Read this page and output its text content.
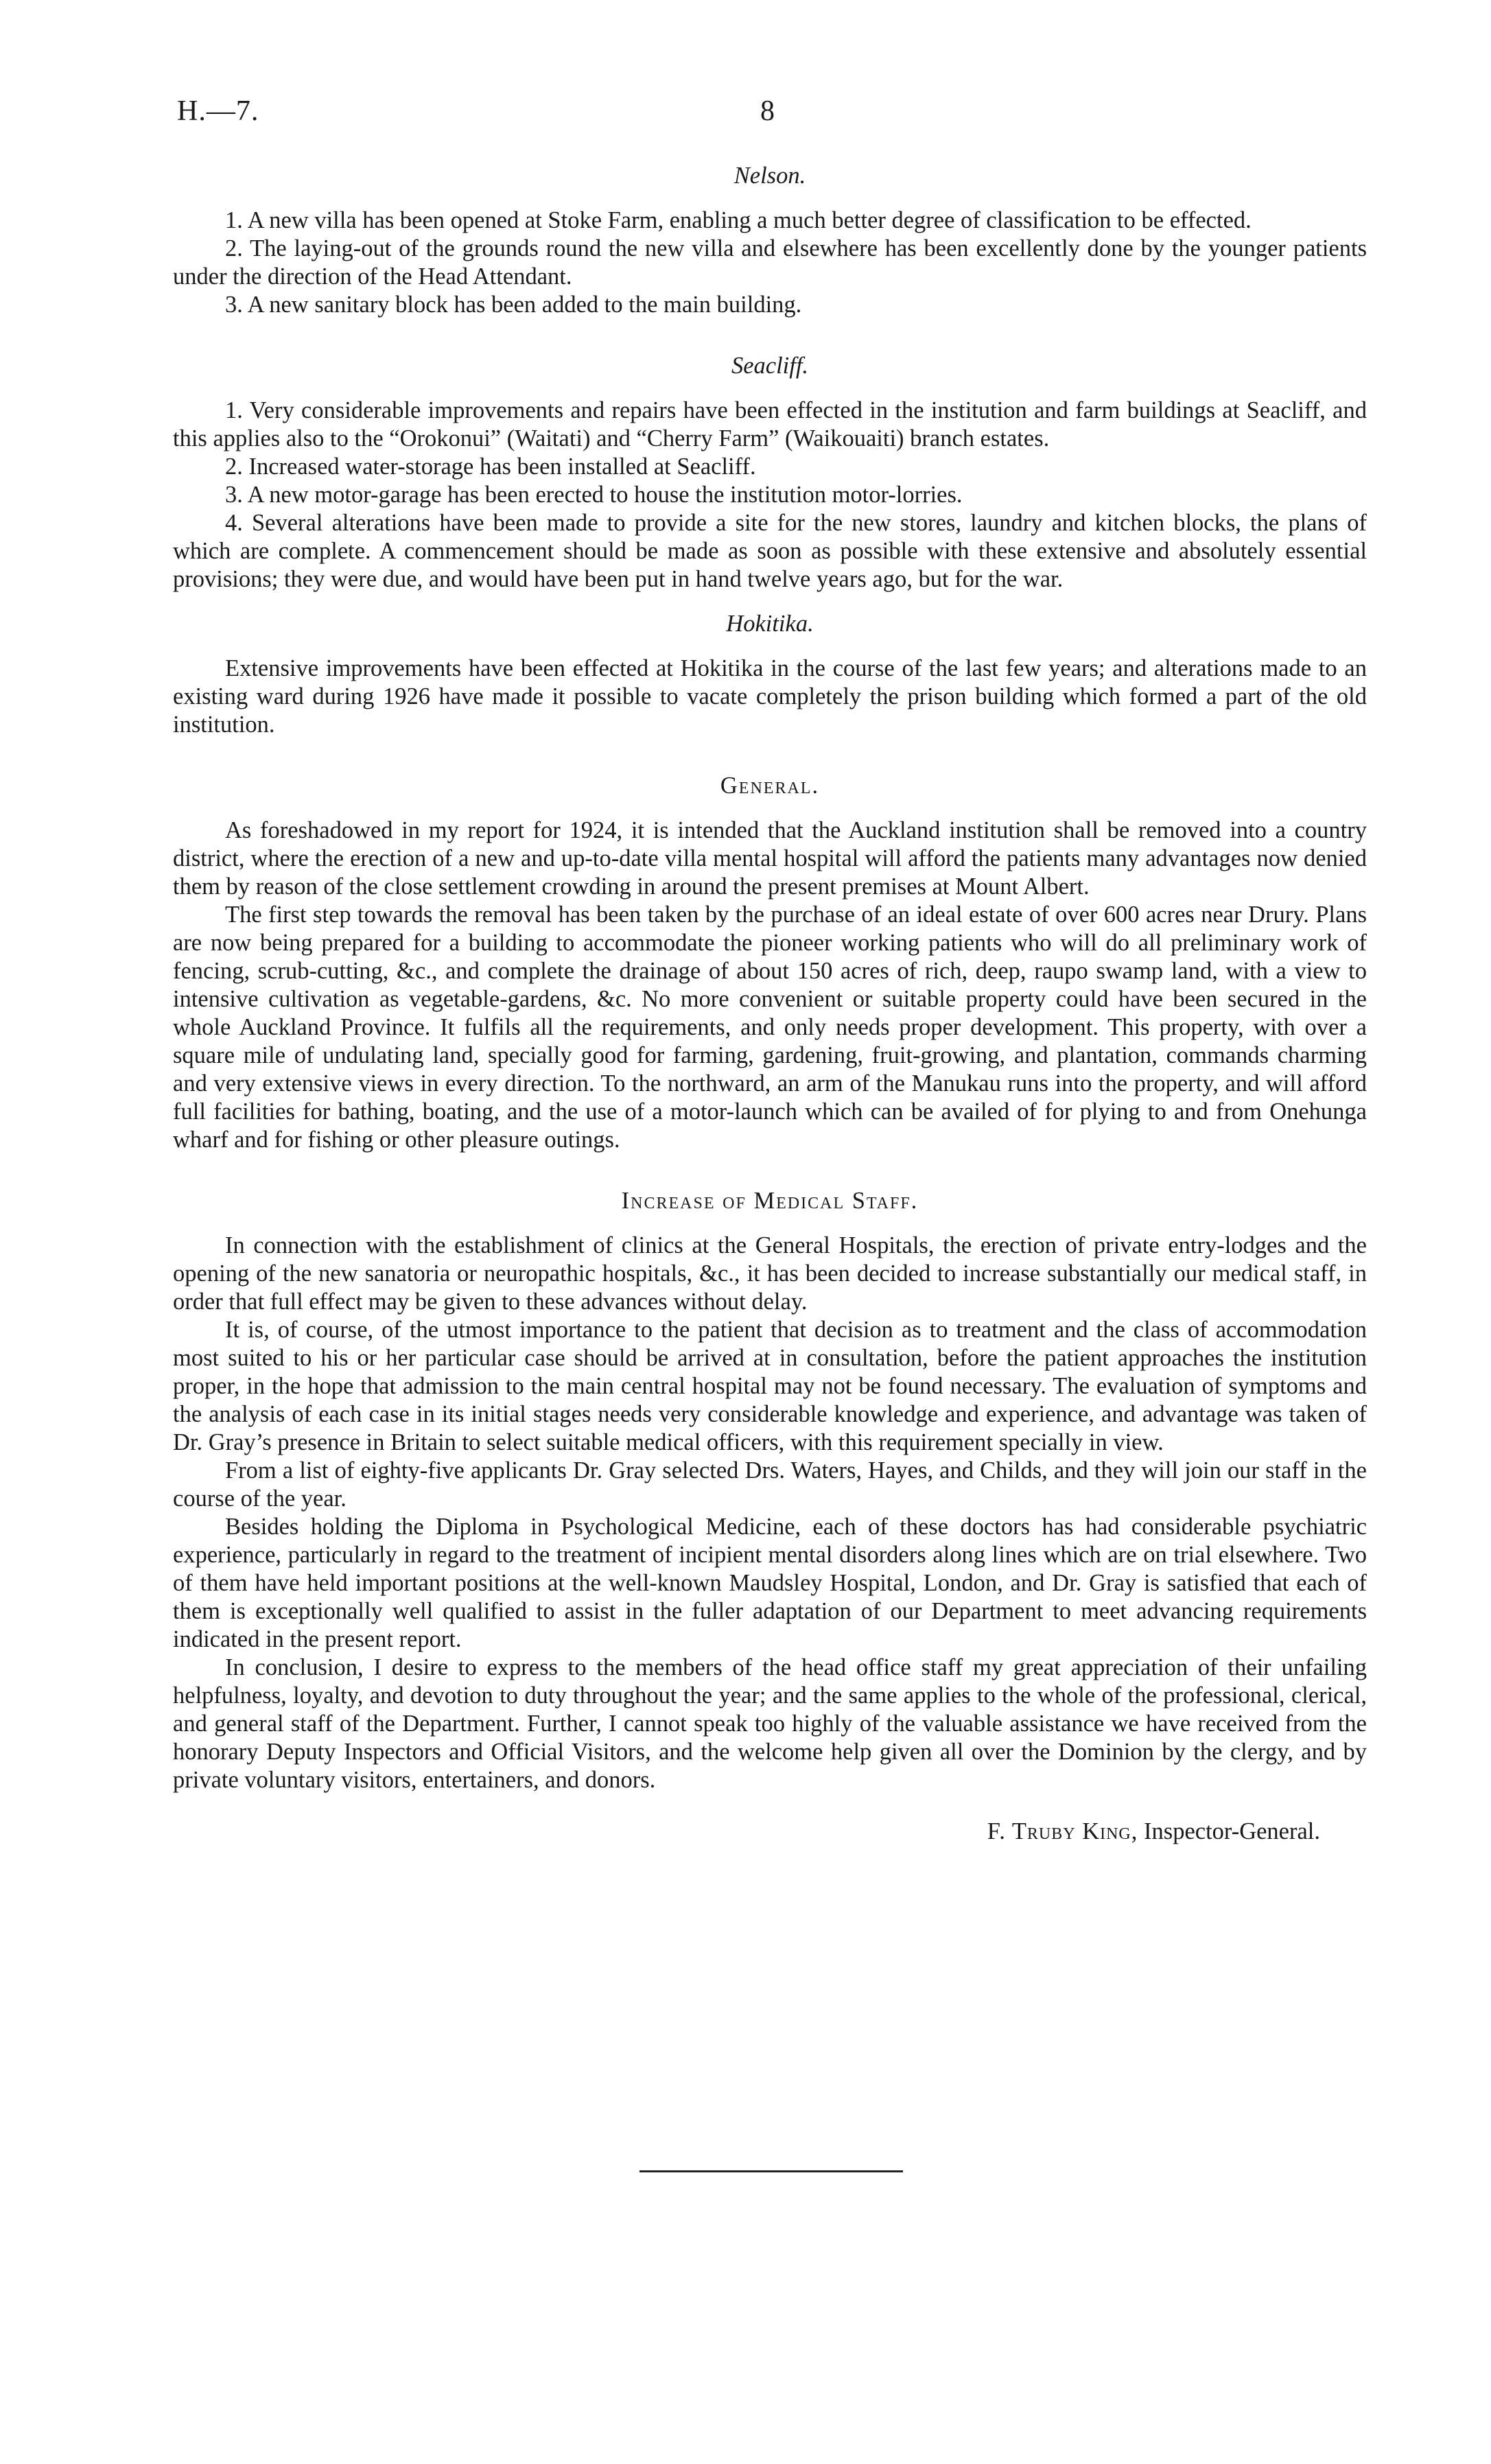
H.—7.	8

Nelson.

1. A new villa has been opened at Stoke Farm, enabling a much better degree of classification to be effected.

2. The laying-out of the grounds round the new villa and elsewhere has been excellently done by the younger patients under the direction of the Head Attendant.

3. A new sanitary block has been added to the main building.

Seacliff.

1. Very considerable improvements and repairs have been effected in the institution and farm buildings at Seacliff, and this applies also to the “Orokonui” (Waitati) and “Cherry Farm” (Waikouaiti) branch estates.

2. Increased water-storage has been installed at Seacliff.

3. A new motor-garage has been erected to house the institution motor-lorries.

4. Several alterations have been made to provide a site for the new stores, laundry and kitchen blocks, the plans of which are complete. A commencement should be made as soon as possible with these extensive and absolutely essential provisions; they were due, and would have been put in hand twelve years ago, but for the war.

Hokitika.

Extensive improvements have been effected at Hokitika in the course of the last few years; and alterations made to an existing ward during 1926 have made it possible to vacate completely the prison building which formed a part of the old institution.

General.

As foreshadowed in my report for 1924, it is intended that the Auckland institution shall be removed into a country district, where the erection of a new and up-to-date villa mental hospital will afford the patients many advantages now denied them by reason of the close settlement crowding in around the present premises at Mount Albert.

The first step towards the removal has been taken by the purchase of an ideal estate of over 600 acres near Drury. Plans are now being prepared for a building to accommodate the pioneer working patients who will do all preliminary work of fencing, scrub-cutting, &c., and complete the drainage of about 150 acres of rich, deep, raupo swamp land, with a view to intensive cultivation as vegetable-gardens, &c. No more convenient or suitable property could have been secured in the whole Auckland Province. It fulfils all the requirements, and only needs proper development. This property, with over a square mile of undulating land, specially good for farming, gardening, fruit-growing, and plantation, commands charming and very extensive views in every direction. To the northward, an arm of the Manukau runs into the property, and will afford full facilities for bathing, boating, and the use of a motor-launch which can be availed of for plying to and from Onehunga wharf and for fishing or other pleasure outings.

Increase of Medical Staff.

In connection with the establishment of clinics at the General Hospitals, the erection of private entry-lodges and the opening of the new sanatoria or neuropathic hospitals, &c., it has been decided to increase substantially our medical staff, in order that full effect may be given to these advances without delay.

It is, of course, of the utmost importance to the patient that decision as to treatment and the class of accommodation most suited to his or her particular case should be arrived at in consultation, before the patient approaches the institution proper, in the hope that admission to the main central hospital may not be found necessary. The evaluation of symptoms and the analysis of each case in its initial stages needs very considerable knowledge and experience, and advantage was taken of Dr. Gray’s presence in Britain to select suitable medical officers, with this requirement specially in view.

From a list of eighty-five applicants Dr. Gray selected Drs. Waters, Hayes, and Childs, and they will join our staff in the course of the year.

Besides holding the Diploma in Psychological Medicine, each of these doctors has had considerable psychiatric experience, particularly in regard to the treatment of incipient mental disorders along lines which are on trial elsewhere. Two of them have held important positions at the well-known Maudsley Hospital, London, and Dr. Gray is satisfied that each of them is exceptionally well qualified to assist in the fuller adaptation of our Department to meet advancing requirements indicated in the present report.

In conclusion, I desire to express to the members of the head office staff my great appreciation of their unfailing helpfulness, loyalty, and devotion to duty throughout the year; and the same applies to the whole of the professional, clerical, and general staff of the Department. Further, I cannot speak too highly of the valuable assistance we have received from the honorary Deputy Inspectors and Official Visitors, and the welcome help given all over the Dominion by the clergy, and by private voluntary visitors, entertainers, and donors.

F. Truby King, Inspector-General.
